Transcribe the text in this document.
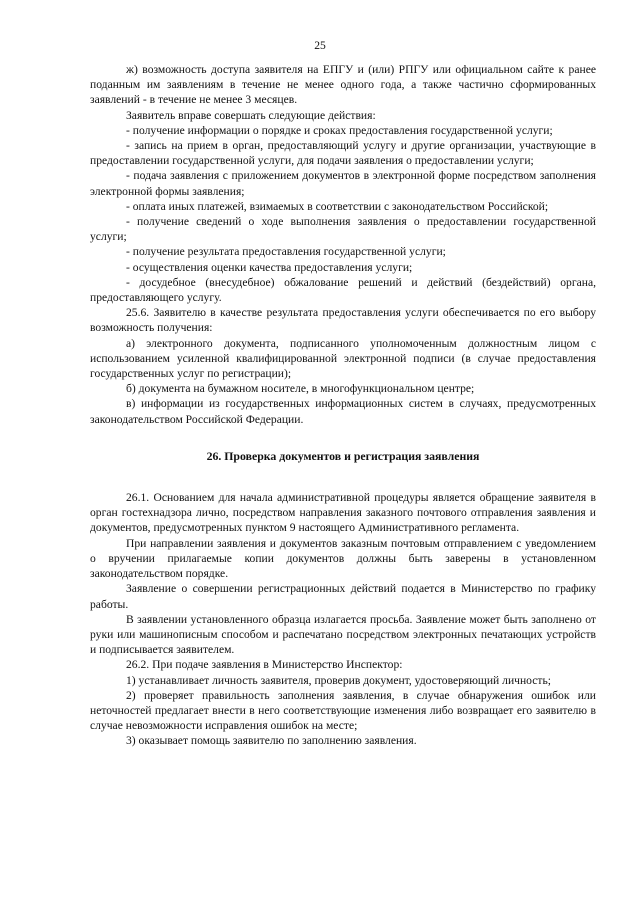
25

ж) возможность доступа заявителя на ЕПГУ и (или) РПГУ или официальном сайте к ранее поданным им заявлениям в течение не менее одного года, а также частично сформированных заявлений - в течение не менее 3 месяцев.

Заявитель вправе совершать следующие действия:

- получение информации о порядке и сроках предоставления государственной услуги;

- запись на прием в орган, предоставляющий услугу и другие организации, участвующие в предоставлении государственной услуги, для подачи заявления о предоставлении услуги;

- подача заявления с приложением документов в электронной форме посредством заполнения электронной формы заявления;

- оплата иных платежей, взимаемых в соответствии с законодательством Российской;

- получение сведений о ходе выполнения заявления о предоставлении государственной услуги;

- получение результата предоставления государственной услуги;

- осуществления оценки качества предоставления услуги;

- досудебное (внесудебное) обжалование решений и действий (бездействий) органа, предоставляющего услугу.

25.6. Заявителю в качестве результата предоставления услуги обеспечивается по его выбору возможность получения:

а) электронного документа, подписанного уполномоченным должностным лицом с использованием усиленной квалифицированной электронной подписи (в случае предоставления государственных услуг по регистрации);

б) документа на бумажном носителе, в многофункциональном центре;

в) информации из государственных информационных систем в случаях, предусмотренных законодательством Российской Федерации.

26. Проверка документов и регистрация заявления

26.1. Основанием для начала административной процедуры является обращение заявителя в орган гостехнадзора лично, посредством направления заказного почтового отправления заявления и документов, предусмотренных пунктом 9 настоящего Административного регламента.

При направлении заявления и документов заказным почтовым отправлением с уведомлением о вручении прилагаемые копии документов должны быть заверены в установленном законодательством порядке.

Заявление о совершении регистрационных действий подается в Министерство по графику работы.

В заявлении установленного образца излагается просьба. Заявление может быть заполнено от руки или машинописным способом и распечатано посредством электронных печатающих устройств и подписывается заявителем.

26.2. При подаче заявления в Министерство Инспектор:

1) устанавливает личность заявителя, проверив документ, удостоверяющий личность;

2) проверяет правильность заполнения заявления, в случае обнаружения ошибок или неточностей предлагает внести в него соответствующие изменения либо возвращает его заявителю в случае невозможности исправления ошибок на месте;

3) оказывает помощь заявителю по заполнению заявления.
